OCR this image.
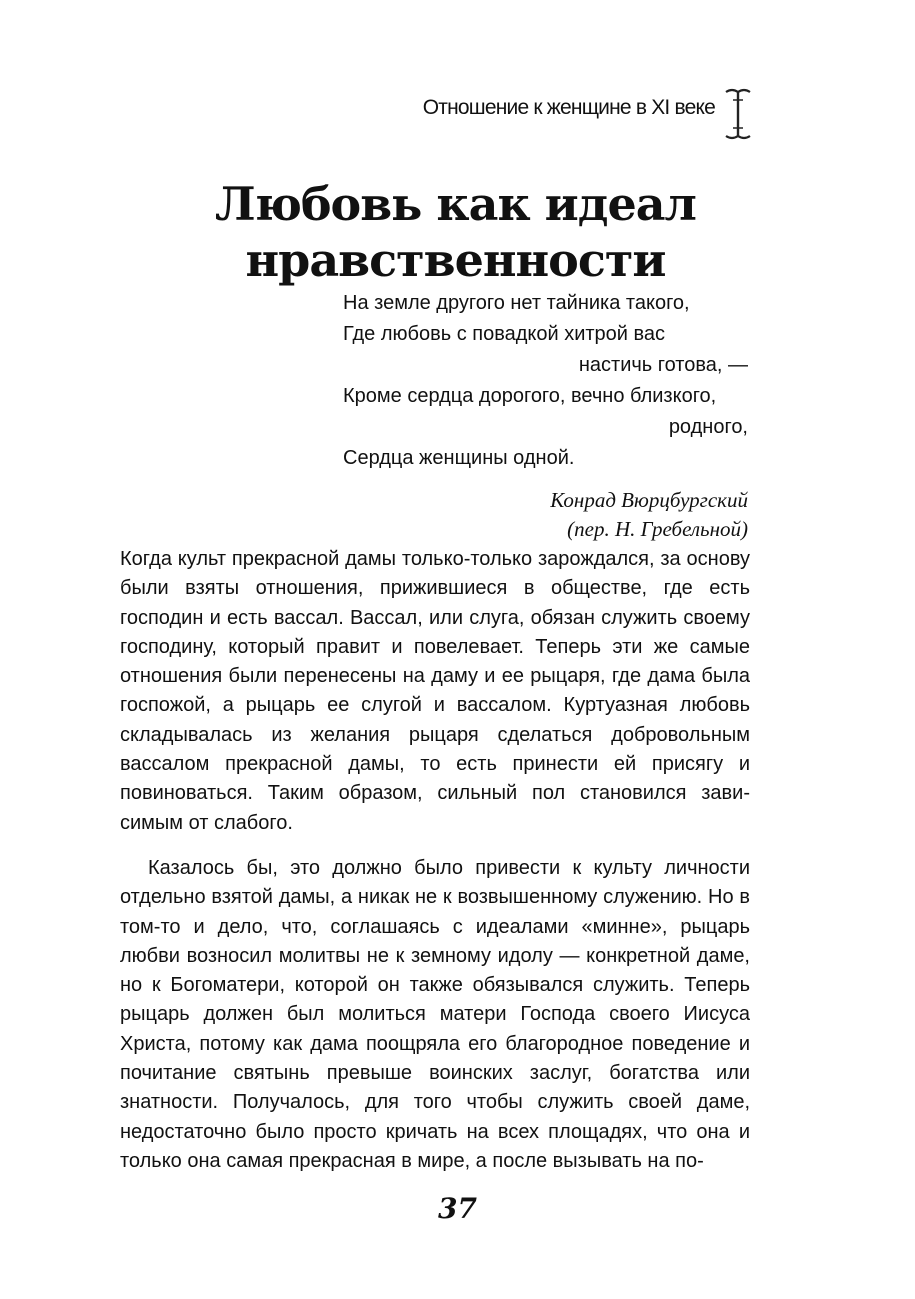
Отношение к женщине в XI веке
Любовь как идеал
нравственности
На земле другого нет тайника такого,
Где любовь с повадкой хитрой вас
настичь готова, —
Кроме сердца дорогого, вечно близкого,
родного,
Сердца женщины одной.
Конрад Вюрцбургский
(пер. Н. Гребельной)

Когда культ прекрасной дамы только-только зарождался, за основу были взяты отношения, прижившиеся в обществе, где есть господин и есть вассал. Вассал, или слуга, обязан служить своему господину, который правит и повелевает. Теперь эти же самые отношения были перенесены на даму и ее рыцаря, где дама была госпожой, а рыцарь ее слугой и вассалом. Куртуазная любовь складывалась из желания рыцаря сделаться добровольным вассалом прекрасной дамы, то есть принести ей присягу и повиноваться. Таким образом, сильный пол становился зависимым от слабого.

Казалось бы, это должно было привести к культу личности отдельно взятой дамы, а никак не к возвышенному служению. Но в том-то и дело, что, соглашаясь с идеалами «минне», рыцарь любви возносил молитвы не к земному идолу — конкретной даме, но к Богоматери, которой он также обязывался служить. Теперь рыцарь должен был молиться матери Господа своего Иисуса Христа, потому как дама поощряла его благородное поведение и почитание святынь превыше воинских заслуг, богатства или знатности. Получалось, для того чтобы служить своей даме, недостаточно было просто кричать на всех площадях, что она и только она самая прекрасная в мире, а после вызывать на по-

37
